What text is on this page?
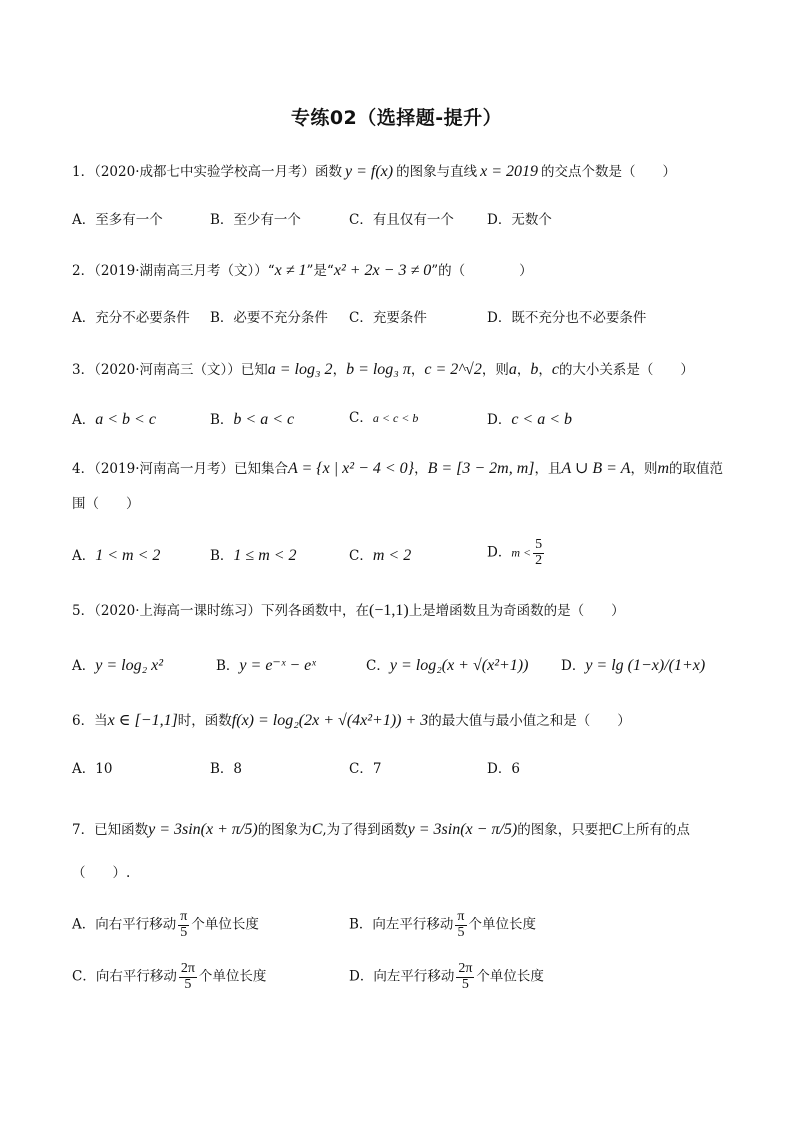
专练02（选择题-提升）
1．（2020·成都七中实验学校高一月考）函数 y = f(x) 的图象与直线 x = 2019 的交点个数是（　　）
A．至多有一个	B．至少有一个	C．有且仅有一个 D．无数个
2．（2019·湖南高三月考（文））“x ≠ 1”是“x² + 2x − 3 ≠ 0”的（　　　　）
A．充分不必要条件 B．必要不充分条件 C．充要条件	D．既不充分也不必要条件
3．（2020·河南高三（文））已知a = log₃ 2，b = log₃ π，c = 2^√2，则a，b，c的大小关系是（　　）
A．a < b < c	B．b < a < c	C．a < c < b	D．c < a < b
4．（2019·河南高一月考）已知集合A = {x | x² − 4 < 0}，B = [3 − 2m, m]，且A ∪ B = A，则m的取值范
围（　　）
A．1 < m < 2	B．1 ≤ m < 2	C．m < 2	D．$m < \frac{5}{2}$
5．（2020·上海高一课时练习）下列各函数中，在(−1,1)上是增函数且为奇函数的是（　　）
A．y = log₂ x²	B．y = e⁻ˣ − eˣ	C．y = log₂(x + √(x²+1)) D．y = lg (1−x)/(1+x)
6．当x ∈ [−1,1]时，函数f(x) = log₂(2x + √(4x²+1)) + 3的最大值与最小值之和是（　　）
A．10	B．8	C．7	D．6
7．已知函数y = 3sin(x + π/5)的图象为C,为了得到函数y = 3sin(x − π/5)的图象，只要把C上所有的点
（　　）.
A．向右平行移动 $\frac{\pi}{5}$ 个单位长度	B．向左平行移动 $\frac{\pi}{5}$ 个单位长度
C．向右平行移动 $\frac{2\pi}{5}$ 个单位长度	D．向左平行移动 $\frac{2\pi}{5}$ 个单位长度
